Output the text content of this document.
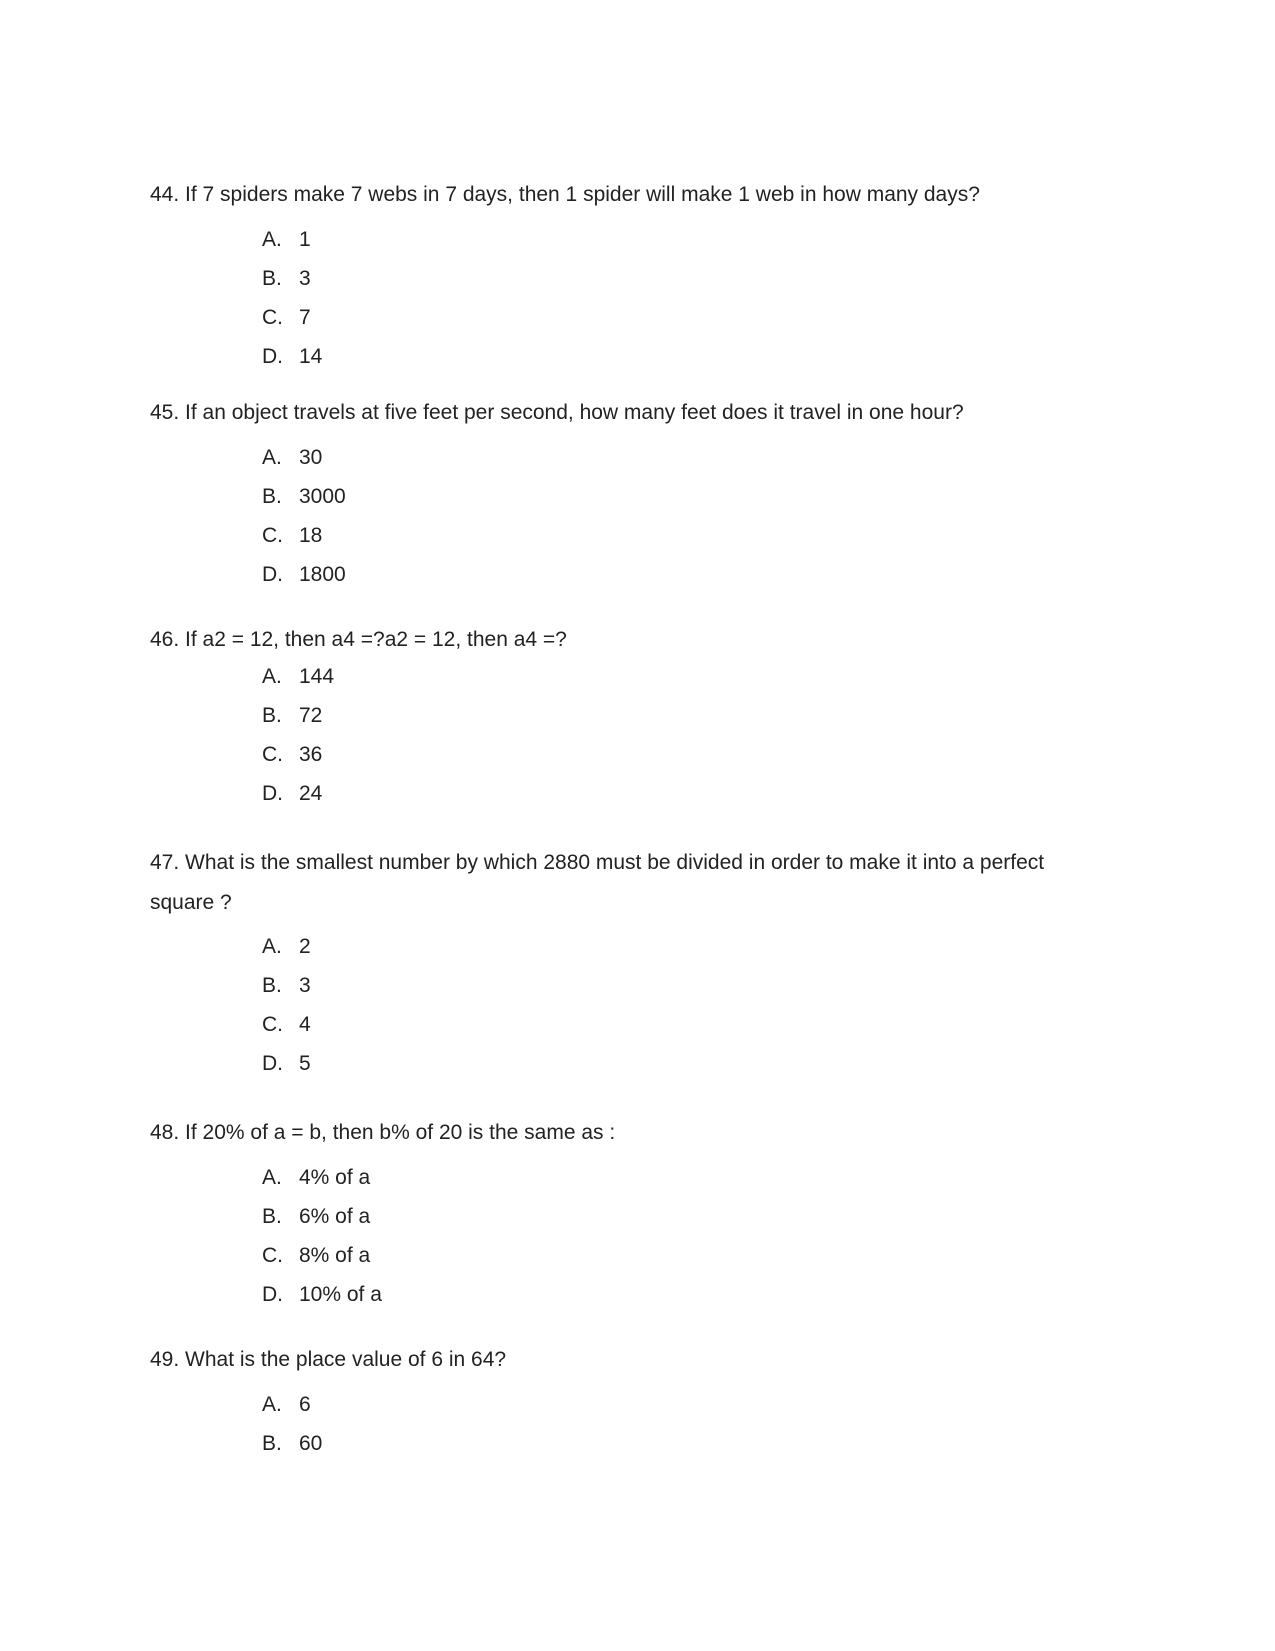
44. If 7 spiders make 7 webs in 7 days, then 1 spider will make 1 web in how many days?
A. 1
B. 3
C. 7
D. 14
45. If an object travels at five feet per second, how many feet does it travel in one hour?
A. 30
B. 3000
C. 18
D. 1800
46. If a2 = 12, then a4 =?a2 = 12, then a4 =?
A. 144
B. 72
C. 36
D. 24
47. What is the smallest number by which 2880 must be divided in order to make it into a perfect square ?
A. 2
B. 3
C. 4
D. 5
48. If 20% of a = b, then b% of 20 is the same as :
A. 4% of a
B. 6% of a
C. 8% of a
D. 10% of a
49. What is the place value of 6 in 64?
A. 6
B. 60
